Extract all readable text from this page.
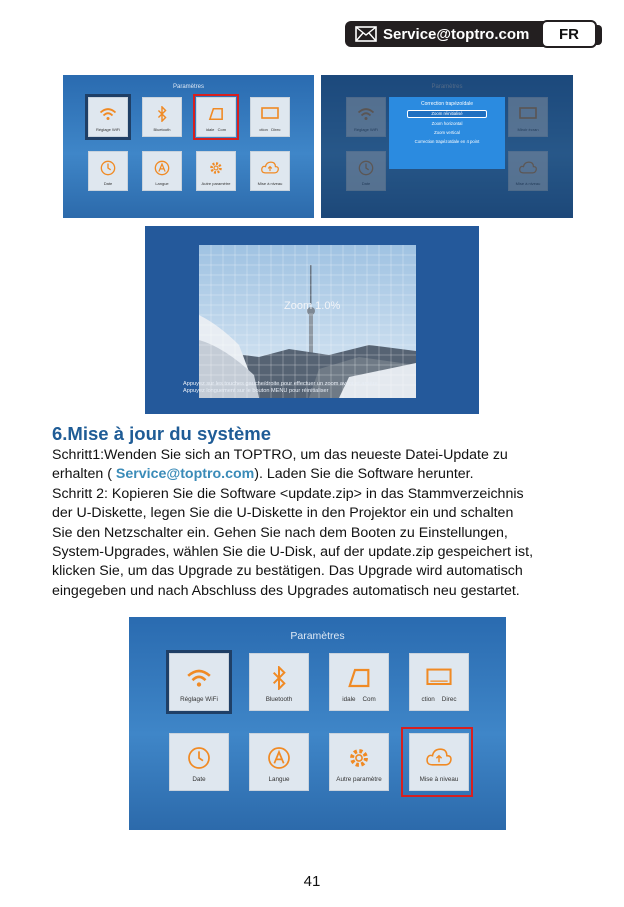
Service@toptro.com	FR
Paramètres
Réglage WiFi	Bluetooth	idale Com	ction Direc
Date	Langue	Autre paramètre	Mise à niveau
Paramètres
Réglage WiFi	Miroir écran
Date	Mise à niveau
Correction trapézoïdale
Zoom réinitialisé
Zoom horizontal
Zoom vertical
Correction trapézoïdale en 4 point
Zoom 1.0%
Appuyez sur les touches gauche/droite pour effectuer un zoom avant et arrière.
Appuyez longuement sur le bouton MENU pour réinitialiser
6.Mise à jour du système

Schritt1:Wenden Sie sich an TOPTRO, um das neueste Datei-Update zu

erhalten ( Service@toptro.com). Laden Sie die Software herunter.

Schritt 2: Kopieren Sie die Software <update.zip> in das Stammverzeichnis

der U-Diskette, legen Sie die U-Diskette in den Projektor ein und schalten

Sie den Netzschalter ein. Gehen Sie nach dem Booten zu Einstellungen,

System-Upgrades, wählen Sie die U-Disk, auf der update.zip gespeichert ist,

klicken Sie, um das Upgrade zu bestätigen. Das Upgrade wird automatisch

eingegeben und nach Abschluss des Upgrades automatisch neu gestartet.

Paramètres
Réglage WiFi	Bluetooth	idale Com	ction Direc
Date	Langue	Autre paramètre	Mise à niveau
41
